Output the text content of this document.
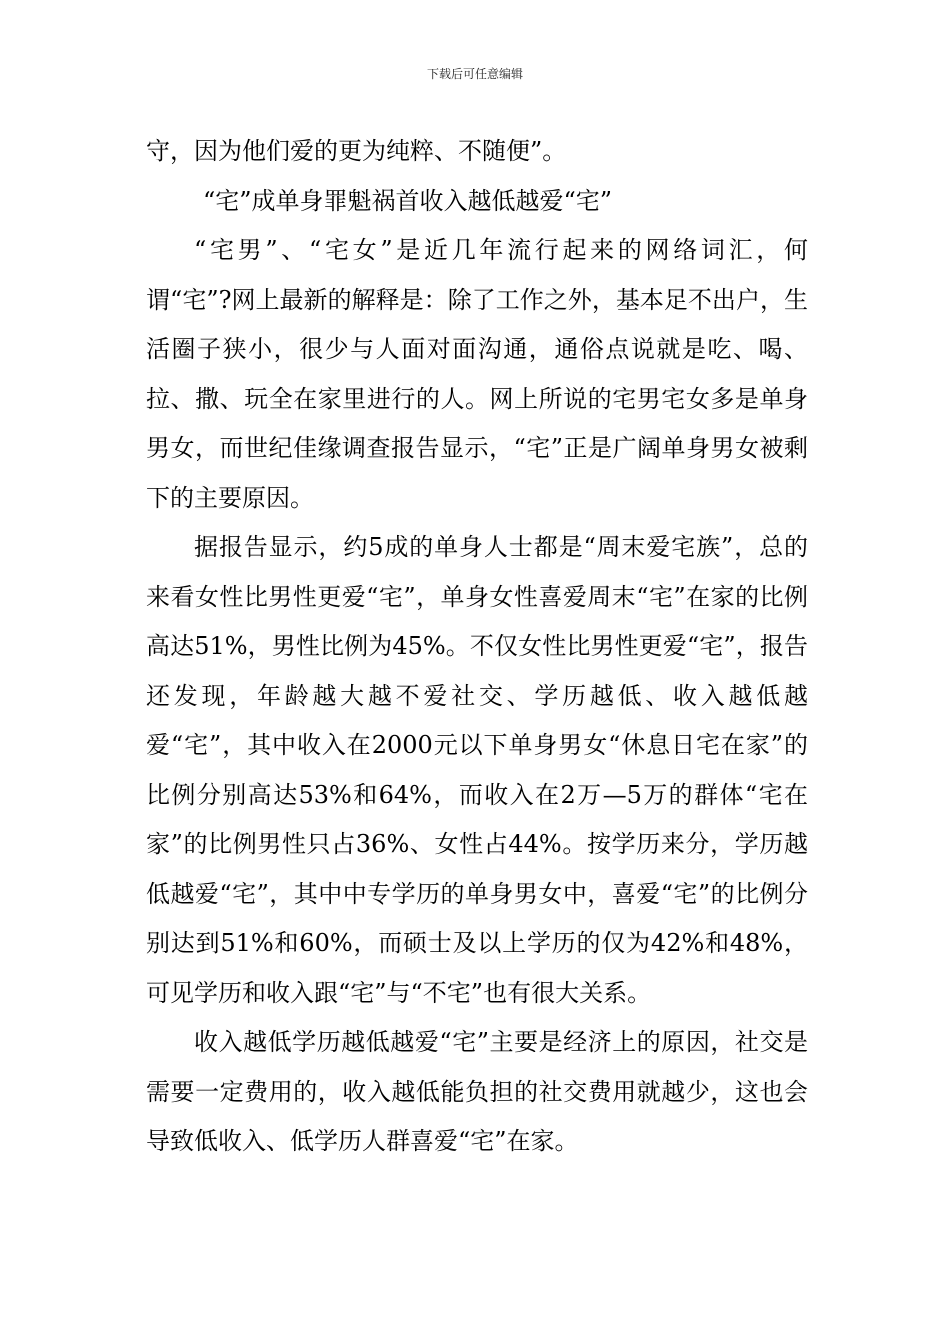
下载后可任意编辑

守，因为他们爱的更为纯粹、不随便”。

“宅”成单身罪魁祸首收入越低越爱“宅”

“宅男”、“宅女”是近几年流行起来的网络词汇，何谓“宅”?网上最新的解释是：除了工作之外，基本足不出户，生活圈子狭小，很少与人面对面沟通，通俗点说就是吃、喝、拉、撒、玩全在家里进行的人。网上所说的宅男宅女多是单身男女，而世纪佳缘调查报告显示，“宅”正是广阔单身男女被剩下的主要原因。

据报告显示，约5成的单身人士都是“周末爱宅族”，总的来看女性比男性更爱“宅”，单身女性喜爱周末“宅”在家的比例高达51%，男性比例为45%。不仅女性比男性更爱“宅”，报告还发现，年龄越大越不爱社交、学历越低、收入越低越爱“宅”，其中收入在2000元以下单身男女“休息日宅在家”的比例分别高达53%和64%，而收入在2万—5万的群体“宅在家”的比例男性只占36%、女性占44%。按学历来分，学历越低越爱“宅”，其中中专学历的单身男女中，喜爱“宅”的比例分别达到51%和60%，而硕士及以上学历的仅为42%和48%，可见学历和收入跟“宅”与“不宅”也有很大关系。

收入越低学历越低越爱“宅”主要是经济上的原因，社交是需要一定费用的，收入越低能负担的社交费用就越少，这也会导致低收入、低学历人群喜爱“宅”在家。
